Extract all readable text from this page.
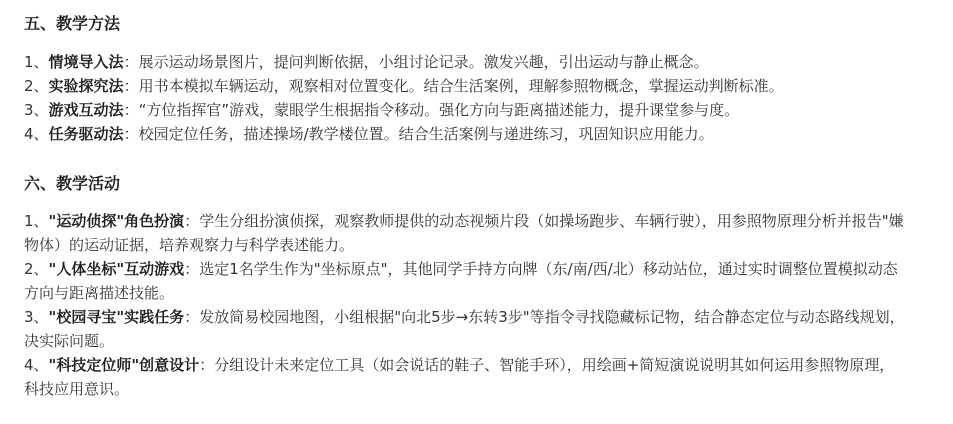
五、教学方法
1、情境导入法：展示运动场景图片，提问判断依据，小组讨论记录。激发兴趣，引出运动与静止概念。
2、实验探究法：用书本模拟车辆运动，观察相对位置变化。结合生活案例，理解参照物概念，掌握运动判断标准。
3、游戏互动法：“方位指挥官”游戏，蒙眼学生根据指令移动。强化方向与距离描述能力，提升课堂参与度。
4、任务驱动法：校园定位任务，描述操场/教学楼位置。结合生活案例与递进练习，巩固知识应用能力。
六、教学活动
1、"运动侦探"角色扮演：学生分组扮演侦探，观察教师提供的动态视频片段（如操场跑步、车辆行驶），用参照物原理分析并报告"嫌
物体）的运动证据，培养观察力与科学表述能力。
2、"人体坐标"互动游戏：选定1名学生作为"坐标原点"，其他同学手持方向牌（东/南/西/北）移动站位，通过实时调整位置模拟动态
方向与距离描述技能。
3、"校园寻宝"实践任务：发放简易校园地图，小组根据"向北5步→东转3步"等指令寻找隐藏标记物，结合静态定位与动态路线规划，
决实际问题。
4、"科技定位师"创意设计：分组设计未来定位工具（如会说话的鞋子、智能手环），用绘画+简短演说说明其如何运用参照物原理，
科技应用意识。
